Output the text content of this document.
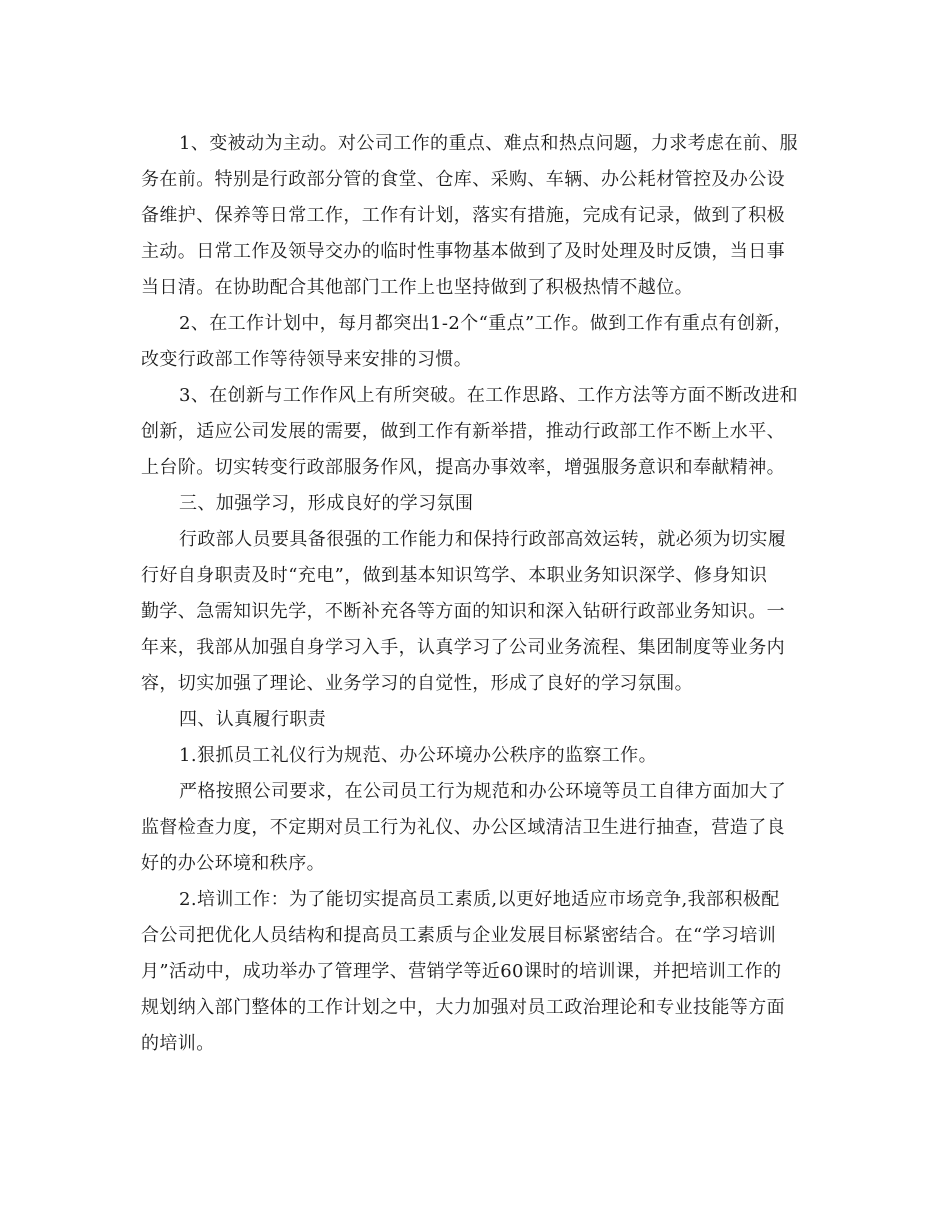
1、变被动为主动。对公司工作的重点、难点和热点问题，力求考虑在前、服
务在前。特别是行政部分管的食堂、仓库、采购、车辆、办公耗材管控及办公设
备维护、保养等日常工作，工作有计划，落实有措施，完成有记录，做到了积极
主动。日常工作及领导交办的临时性事物基本做到了及时处理及时反馈，当日事
当日清。在协助配合其他部门工作上也坚持做到了积极热情不越位。
2、在工作计划中，每月都突出1-2个“重点”工作。做到工作有重点有创新，
改变行政部工作等待领导来安排的习惯。
3、在创新与工作作风上有所突破。在工作思路、工作方法等方面不断改进和
创新，适应公司发展的需要，做到工作有新举措，推动行政部工作不断上水平、
上台阶。切实转变行政部服务作风，提高办事效率，增强服务意识和奉献精神。
三、加强学习，形成良好的学习氛围
行政部人员要具备很强的工作能力和保持行政部高效运转，就必须为切实履
行好自身职责及时“充电”，做到基本知识笃学、本职业务知识深学、修身知识
勤学、急需知识先学，不断补充各等方面的知识和深入钻研行政部业务知识。一
年来，我部从加强自身学习入手，认真学习了公司业务流程、集团制度等业务内
容，切实加强了理论、业务学习的自觉性，形成了良好的学习氛围。
四、认真履行职责
1.狠抓员工礼仪行为规范、办公环境办公秩序的监察工作。
严格按照公司要求，在公司员工行为规范和办公环境等员工自律方面加大了
监督检查力度，不定期对员工行为礼仪、办公区域清洁卫生进行抽查，营造了良
好的办公环境和秩序。
2.培训工作：为了能切实提高员工素质,以更好地适应市场竞争,我部积极配
合公司把优化人员结构和提高员工素质与企业发展目标紧密结合。在“学习培训
月”活动中，成功举办了管理学、营销学等近60课时的培训课，并把培训工作的
规划纳入部门整体的工作计划之中，大力加强对员工政治理论和专业技能等方面
的培训。
